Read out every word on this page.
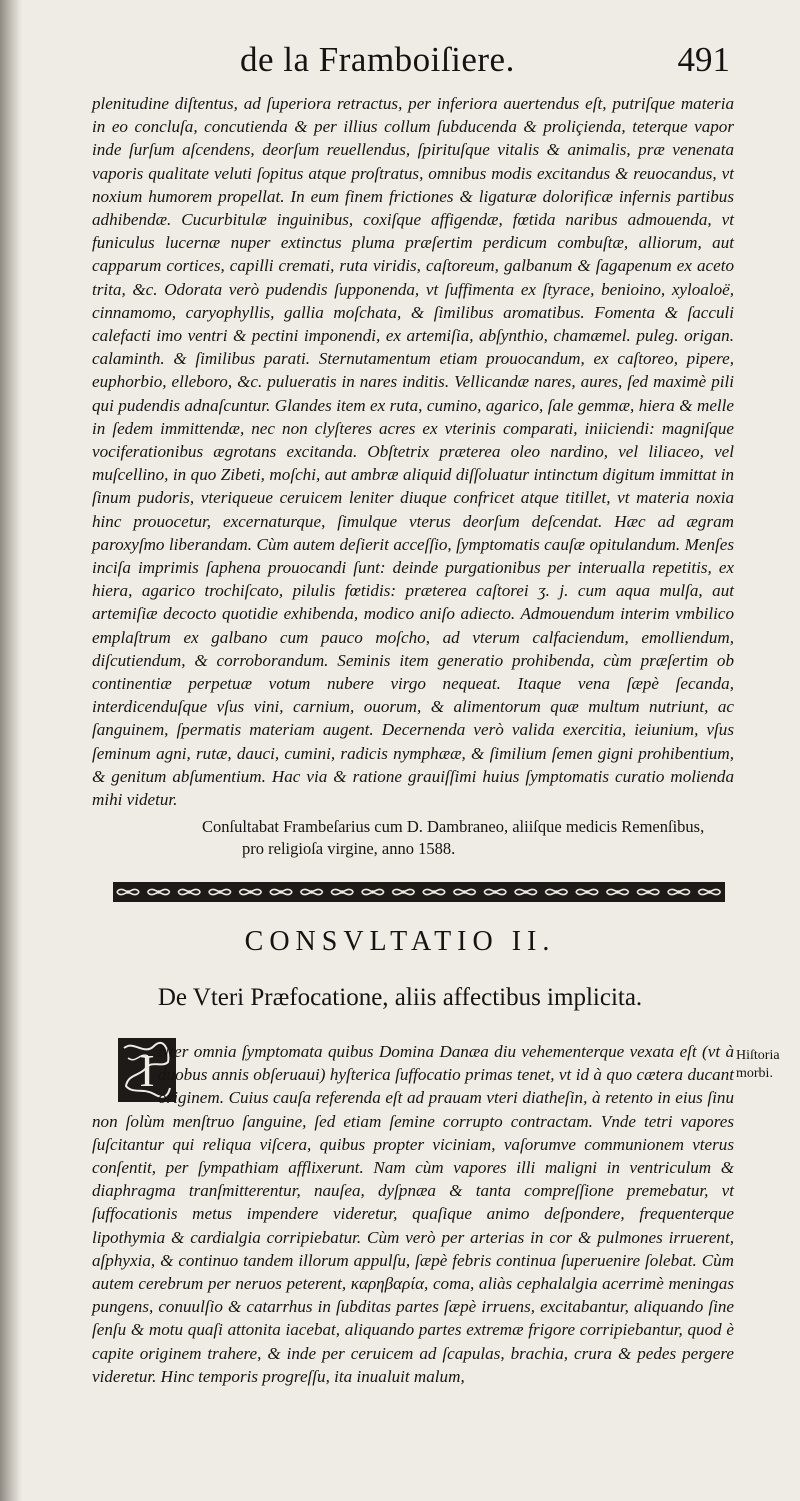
de la Framboiſiere.	491
plenitudine diſtentus, ad ſuperiora retractus, per inferiora auertendus eſt, putriſque materia in eo concluſa, concutienda & per illius collum ſubducenda & proliçienda, teterque vapor inde ſurſum aſcendens, deorſum reuellendus, ſpirituſque vitalis & animalis, præ venenata vaporis qualitate veluti ſopitus atque proſtratus, omnibus modis excitandus & reuocandus, vt noxium humorem propellat. In eum finem frictiones & ligaturæ dolorificæ infernis partibus adhibendæ. Cucurbitulæ inguinibus, coxiſque affigendæ, fœtida naribus admouenda, vt funiculus lucernæ nuper extinctus pluma præſertim perdicum combuſtæ, alliorum, aut capparum cortices, capilli cremati, ruta viridis, caſtoreum, galbanum & ſagapenum ex aceto trita, &c. Odorata verò pudendis ſupponenda, vt ſuffimenta ex ſtyrace, benioino, xyloaloë, cinnamomo, caryophyllis, gallia moſchata, & ſimilibus aromatibus. Fomenta & ſacculi calefacti imo ventri & pectini imponendi, ex artemiſia, abſynthio, chamæmel. puleg. origan. calaminth. & ſimilibus parati. Sternutamentum etiam prouocandum, ex caſtoreo, pipere, euphorbio, elleboro, &c. pulueratis in nares inditis. Vellicandæ nares, aures, ſed maximè pili qui pudendis adnaſcuntur. Glandes item ex ruta, cumino, agarico, ſale gemmæ, hiera & melle in ſedem immittendæ, nec non clyſteres acres ex vterinis comparati, iniiciendi: magniſque vociferationibus ægrotans excitanda. Obſtetrix præterea oleo nardino, vel liliaceo, vel muſcellino, in quo Zibeti, moſchi, aut ambræ aliquid diſſoluatur intinctum digitum immittat in ſinum pudoris, vteriqueue ceruicem leniter diuque confricet atque titillet, vt materia noxia hinc prouocetur, excernaturque, ſimulque vterus deorſum deſcendat. Hæc ad ægram paroxyſmo liberandam. Cùm autem deſierit acceſſio, ſymptomatis cauſæ opitulandum. Menſes inciſa imprimis ſaphena prouocandi ſunt: deinde purgationibus per interualla repetitis, ex hiera, agarico trochiſcato, pilulis fœtidis: præterea caſtorei ʒ. j. cum aqua mulſa, aut artemiſiæ decocto quotidie exhibenda, modico aniſo adiecto. Admouendum interim vmbilico emplaſtrum ex galbano cum pauco moſcho, ad vterum calfaciendum, emolliendum, diſcutiendum, & corroborandum. Seminis item generatio prohibenda, cùm præſertim ob continentiæ perpetuæ votum nubere virgo nequeat. Itaque vena ſæpè ſecanda, interdicenduſque vſus vini, carnium, ouorum, & alimentorum quæ multum nutriunt, ac ſanguinem, ſpermatis materiam augent. Decernenda verò valida exercitia, ieiunium, vſus ſeminum agni, rutæ, dauci, cumini, radicis nymphææ, & ſimilium ſemen gigni prohibentium, & genitum abſumentium. Hac via & ratione grauiſſimi huius ſymptomatis curatio molienda mihi videtur.
Conſultabat Frambeſarius cum D. Dambraneo, aliiſque medicis Remenſibus,
pro religioſa virgine, anno 1588.
CONSVLTATIO II.
De Vteri Præfocatione, aliis affectibus implicita.
I Nter omnia ſymptomata quibus Domina Danæa diu vehementerque vexata eſt (vt à duobus annis obſeruaui) hyſterica ſuffocatio primas tenet, vt id à quo cætera ducant originem. Cuius cauſa referenda eſt ad prauam vteri diatheſin, à retento in eius ſinu non ſolùm menſtruo ſanguine, ſed etiam ſemine corrupto contractam. Vnde tetri vapores ſuſcitantur qui reliqua viſcera, quibus propter viciniam, vaſorumve communionem vterus conſentit, per ſympathiam afflixerunt. Nam cùm vapores illi maligni in ventriculum & diaphragma tranſmitterentur, nauſea, dyſpnæa & tanta compreſſione premebatur, vt ſuffocationis metus impendere videretur, quaſique animo deſpondere, frequenterque lipothymia & cardialgia corripiebatur. Cùm verò per arterias in cor & pulmones irruerent, aſphyxia, & continuo tandem illorum appulſu, ſæpè febris continua ſuperuenire ſolebat. Cùm autem cerebrum per neruos peterent, καρηβαρία, coma, aliàs cephalalgia acerrimè meningas pungens, conuulſio & catarrhus in ſubditas partes ſæpè irruens, excitabantur, aliquando ſine ſenſu & motu quaſi attonita iacebat, aliquando partes extremæ frigore corripiebantur, quod è capite originem trahere, & inde per ceruicem ad ſcapulas, brachia, crura & pedes pergere videretur. Hinc temporis progreſſu, ita inualuit malum,
Hiſtoria morbi.
